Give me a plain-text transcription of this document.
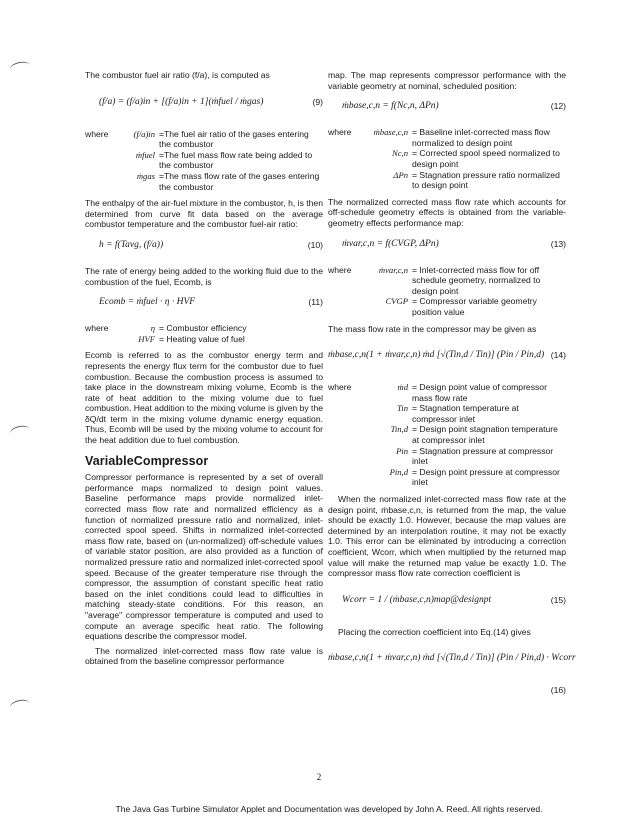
The combustor fuel air ratio (f/a), is computed as

(f/a) = (f/a)in + [(f/a)in + 1](ṁfuel / ṁgas)	(9)
where	(f/a)in =The fuel air ratio of the gases entering the combustor
ṁfuel =The fuel mass flow rate being added to the combustor
ṁgas =The mass flow rate of the gases entering the combustor

The enthalpy of the air-fuel mixture in the combustor, h, is then determined from curve fit data based on the average combustor temperature and the combustor fuel-air ratio:

h = f(Tavg, (f/a))	(10)

The rate of energy being added to the working fluid due to the combustion of the fuel, Ecomb, is

Ecomb = ṁfuel · η · HVF	(11)
where	η = Combustor efficiency
HVF = Heating value of fuel

Ecomb is referred to as the combustor energy term and represents the energy flux term for the combustor due to fuel combustion. Because the combustion process is assumed to take place in the downstream mixing volume, Ecomb is the rate of heat addition to the mixing volume due to fuel combustion. Heat addition to the mixing volume is given by the δQ/dt term in the mixing volume dynamic energy equation. Thus, Ecomb will be used by the mixing volume to account for the heat addition due to fuel combustion.

VariableCompressor

Compressor performance is represented by a set of overall performance maps normalized to design point values. Baseline performance maps provide normalized inlet-corrected mass flow rate and normalized efficiency as a function of normalized pressure ratio and normalized, inlet-corrected spool speed. Shifts in normalized inlet-corrected mass flow rate, based on (un-normalized) off-schedule values of variable stator position, are also provided as a function of normalized pressure ratio and normalized inlet-corrected spool speed. Because of the greater temperature rise through the compressor, the assumption of constant specific heat ratio based on the inlet conditions could lead to difficulties in matching steady-state conditions. For this reason, an "average" compressor temperature is computed and used to compute an average specific heat ratio. The following equations describe the compressor model.

The normalized inlet-corrected mass flow rate value is obtained from the baseline compressor performance

map. The map represents compressor performance with the variable geometry at nominal, scheduled position:

ṁbase,c,n = f(Nc,n, ΔPn)	(12)
where	ṁbase,c,n = Baseline inlet-corrected mass flow normalized to design point
Nc,n = Corrected spool speed normalized to design point
ΔPn = Stagnation pressure ratio normalized to design point

The normalized corrected mass flow rate which accounts for off-schedule geometry effects is obtained from the variable-geometry effects performance map:

ṁvar,c,n = f(CVGP, ΔPn)	(13)
where	ṁvar,c,n = Inlet-corrected mass flow for off schedule geometry, normalized to design point
CVGP = Compressor variable geometry position value

The mass flow rate in the compressor may be given as

ṁbase,c,n(1 + ṁvar,c,n) ṁd [√(Tin,d / Tin)] (Pin / Pin,d) (14)
where	ṁd = Design point value of compressor mass flow rate
Tin = Stagnation temperature at compressor inlet
Tin,d = Design point stagnation temperature at compressor inlet
Pin = Stagnation pressure at compressor inlet
Pin,d = Design point pressure at compressor inlet

When the normalized inlet-corrected mass flow rate at the design point, ṁbase,c,n, is returned from the map, the value should be exactly 1.0. However, because the map values are determined by an interpolation routine, it may not be exactly 1.0. This error can be eliminated by introducing a correction coefficient, Wcorr, which when multiplied by the returned map value will make the returned map value be exactly 1.0. The compressor mass flow rate correction coefficient is

Wcorr = 1 / (ṁbase,c,n)map@designpt	(15)

Placing the correction coefficient into Eq.(14) gives

ṁbase,c,n(1 + ṁvar,c,n) ṁd [√(Tin,d / Tin)] (Pin / Pin,d) · Wcorr
(16)
2
The Java Gas Turbine Simulator Applet and Documentation was developed by John A. Reed. All rights reserved.
